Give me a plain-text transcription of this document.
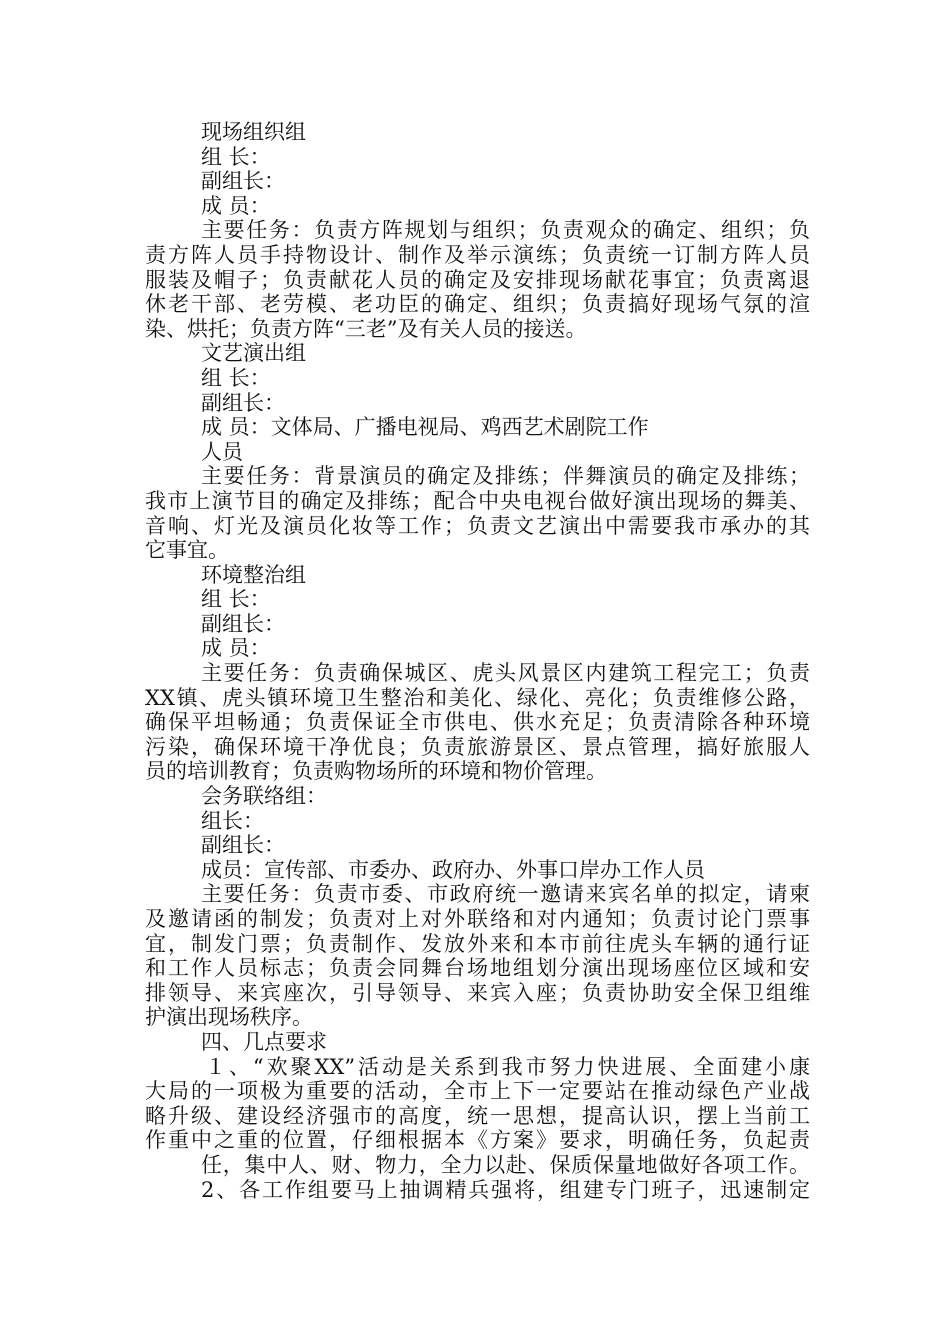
现场组织组
组 长：
副组长：
成 员：
主要任务：负责方阵规划与组织；负责观众的确定、组织；负
责方阵人员手持物设计、制作及举示演练；负责统一订制方阵人员
服装及帽子；负责献花人员的确定及安排现场献花事宜；负责离退
休老干部、老劳模、老功臣的确定、组织；负责搞好现场气氛的渲
染、烘托；负责方阵“三老”及有关人员的接送。
文艺演出组
组 长：
副组长：
成 员：文体局、广播电视局、鸡西艺术剧院工作
人员
主要任务：背景演员的确定及排练；伴舞演员的确定及排练；
我市上演节目的确定及排练；配合中央电视台做好演出现场的舞美、
音响、灯光及演员化妆等工作；负责文艺演出中需要我市承办的其
它事宜。
环境整治组
组 长：
副组长：
成 员：
主要任务：负责确保城区、虎头风景区内建筑工程完工；负责
XX镇、虎头镇环境卫生整治和美化、绿化、亮化；负责维修公路，
确保平坦畅通；负责保证全市供电、供水充足；负责清除各种环境
污染，确保环境干净优良；负责旅游景区、景点管理，搞好旅服人
员的培训教育；负责购物场所的环境和物价管理。
会务联络组：
组长：
副组长：
成员：宣传部、市委办、政府办、外事口岸办工作人员
主要任务：负责市委、市政府统一邀请来宾名单的拟定，请柬
及邀请函的制发；负责对上对外联络和对内通知；负责讨论门票事
宜，制发门票；负责制作、发放外来和本市前往虎头车辆的通行证
和工作人员标志；负责会同舞台场地组划分演出现场座位区域和安
排领导、来宾座次，引导领导、来宾入座；负责协助安全保卫组维
护演出现场秩序。
四、几点要求
１、“欢聚XX”活动是关系到我市努力快进展、全面建小康
大局的一项极为重要的活动，全市上下一定要站在推动绿色产业战
略升级、建设经济强市的高度，统一思想，提高认识，摆上当前工
作重中之重的位置，仔细根据本《方案》要求，明确任务，负起责
任，集中人、财、物力，全力以赴、保质保量地做好各项工作。
2、各工作组要马上抽调精兵强将，组建专门班子，迅速制定
